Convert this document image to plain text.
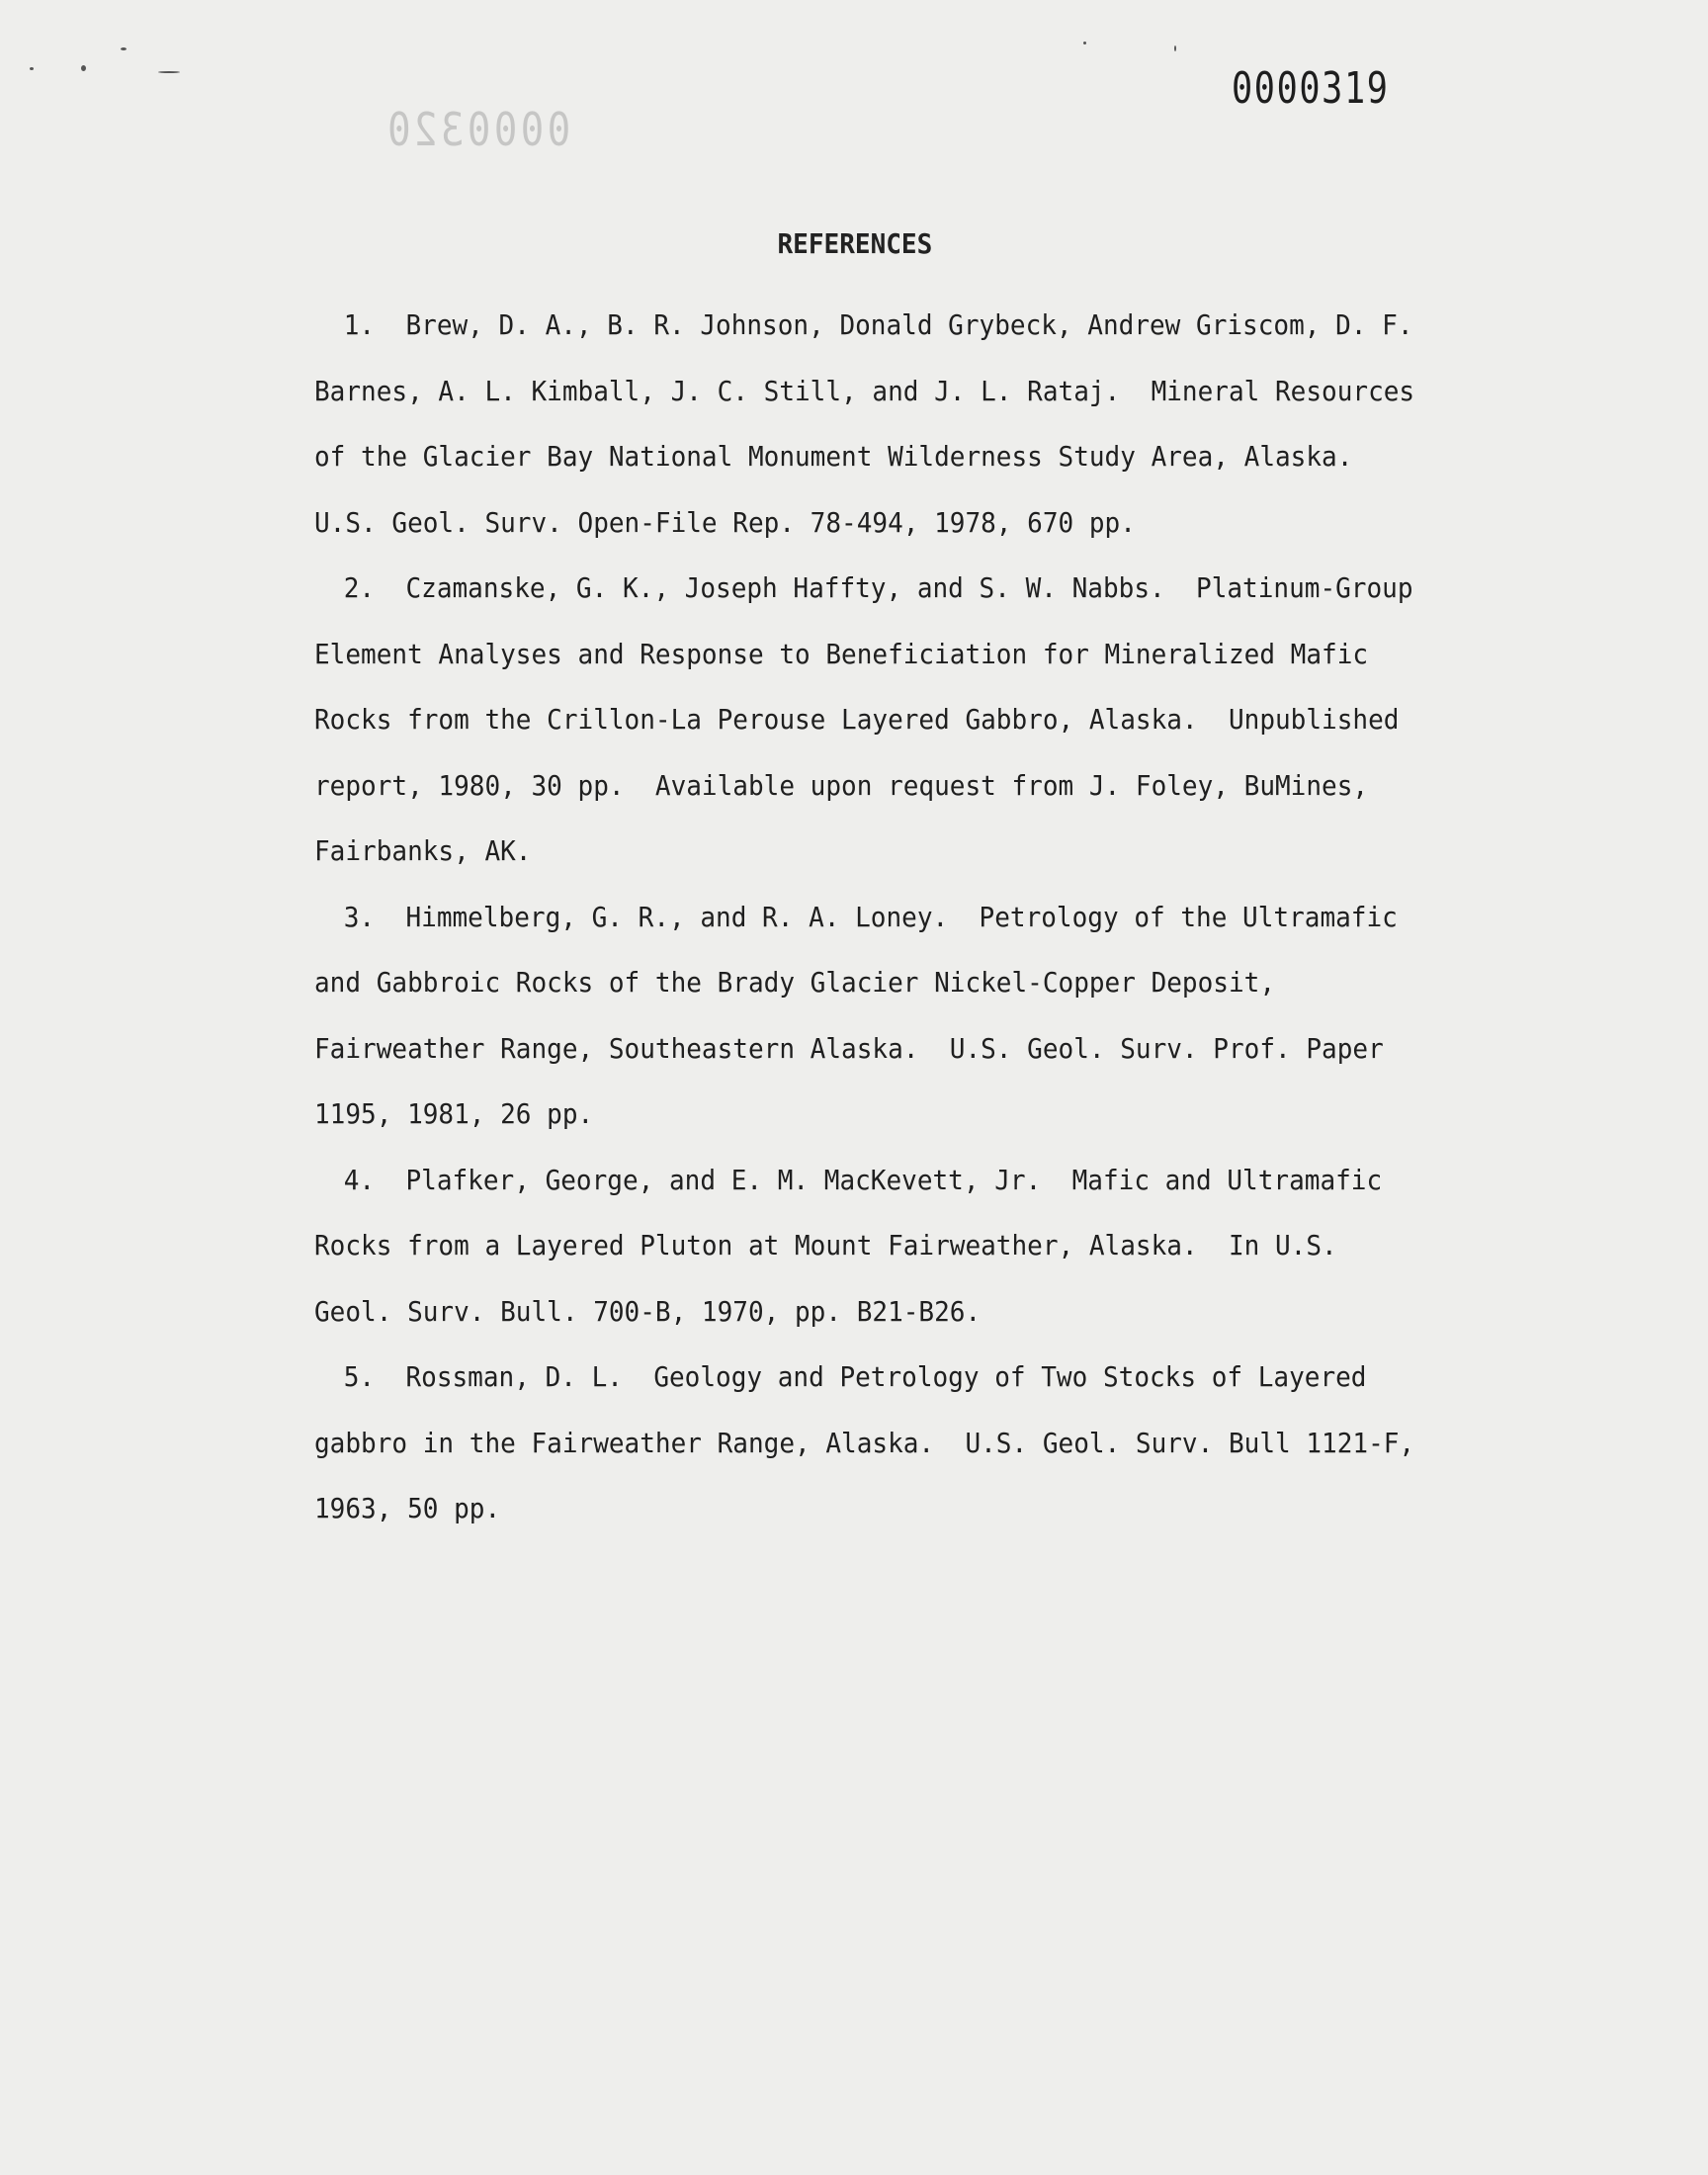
0000320

0000319

REFERENCES
1. Brew, D. A., B. R. Johnson, Donald Grybeck, Andrew Griscom, D. F.
Barnes, A. L. Kimball, J. C. Still, and J. L. Rataj.  Mineral Resources
of the Glacier Bay National Monument Wilderness Study Area, Alaska.
U.S. Geol. Surv. Open-File Rep. 78-494, 1978, 670 pp.
2. Czamanske, G. K., Joseph Haffty, and S. W. Nabbs.  Platinum-Group
Element Analyses and Response to Beneficiation for Mineralized Mafic
Rocks from the Crillon-La Perouse Layered Gabbro, Alaska.  Unpublished
report, 1980, 30 pp.  Available upon request from J. Foley, BuMines,
Fairbanks, AK.
3. Himmelberg, G. R., and R. A. Loney.  Petrology of the Ultramafic
and Gabbroic Rocks of the Brady Glacier Nickel-Copper Deposit,
Fairweather Range, Southeastern Alaska.  U.S. Geol. Surv. Prof. Paper
1195, 1981, 26 pp.
4. Plafker, George, and E. M. MacKevett, Jr.  Mafic and Ultramafic
Rocks from a Layered Pluton at Mount Fairweather, Alaska.  In U.S.
Geol. Surv. Bull. 700-B, 1970, pp. B21-B26.
5. Rossman, D. L.  Geology and Petrology of Two Stocks of Layered
gabbro in the Fairweather Range, Alaska.  U.S. Geol. Surv. Bull 1121-F,
1963, 50 pp.
